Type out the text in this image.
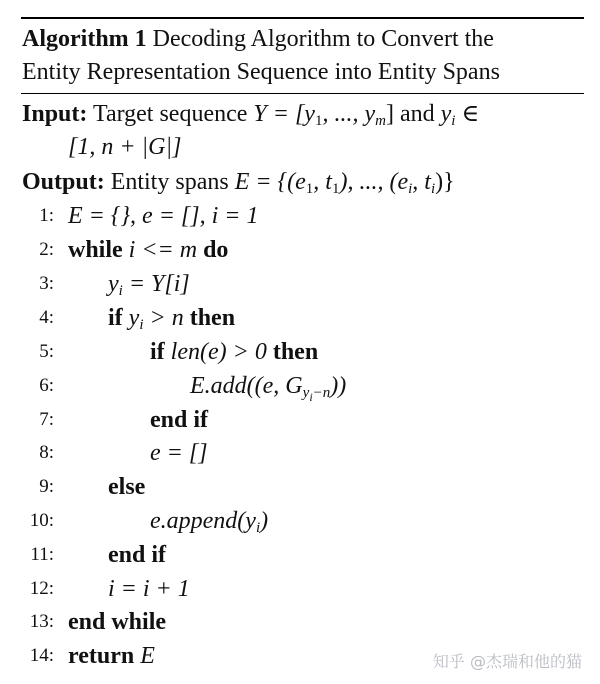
Algorithm 1 Decoding Algorithm to Convert the
Entity Representation Sequence into Entity Spans
Input: Target sequence $Y = [y_1$, ..., $y_m$] and $y_i$ ∈
[1, n + |G|]
Output: Entity spans $E = \{(e_1$, $t_1$), ..., ($e_i$, $t_i$)}
1: E = {}, e = [], i = 1
2: while i <= m do
3: $y_i = Y[i]$
4: if $y_i > n$ then
5:	if len(e) > 0 then
6:	E.add((e, $G_{y_i-n}$))
7:	end if
8:	e = []
9: else
10:	$e.append(y_i)$
11: end if
12: i = i + 1
13: end while
14: return E	知乎 @杰瑞和他的猫
